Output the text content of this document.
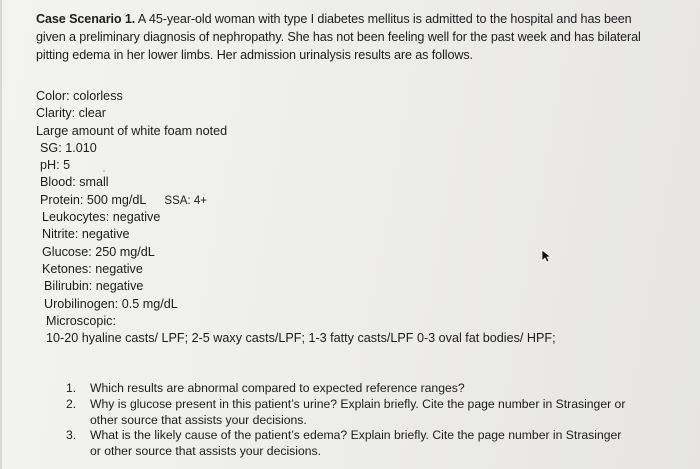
Case Scenario 1. A 45-year-old woman with type I diabetes mellitus is admitted to the hospital and has been given a preliminary diagnosis of nephropathy. She has not been feeling well for the past week and has bilateral pitting edema in her lower limbs. Her admission urinalysis results are as follows.
Color: colorless
Clarity: clear
Large amount of white foam noted
SG: 1.010
pH: 5
Blood: small
Protein: 500 mg/dL SSA: 4+
Leukocytes: negative
Nitrite: negative
Glucose: 250 mg/dL
Ketones: negative
Bilirubin: negative
Urobilinogen: 0.5 mg/dL
Microscopic:
10-20 hyaline casts/ LPF; 2-5 waxy casts/LPF; 1-3 fatty casts/LPF 0-3 oval fat bodies/ HPF;
1.	Which results are abnormal compared to expected reference ranges?
2.	Why is glucose present in this patient’s urine? Explain briefly. Cite the page number in Strasinger or other source that assists your decisions.
3.	What is the likely cause of the patient’s edema? Explain briefly. Cite the page number in Strasinger or other source that assists your decisions.
